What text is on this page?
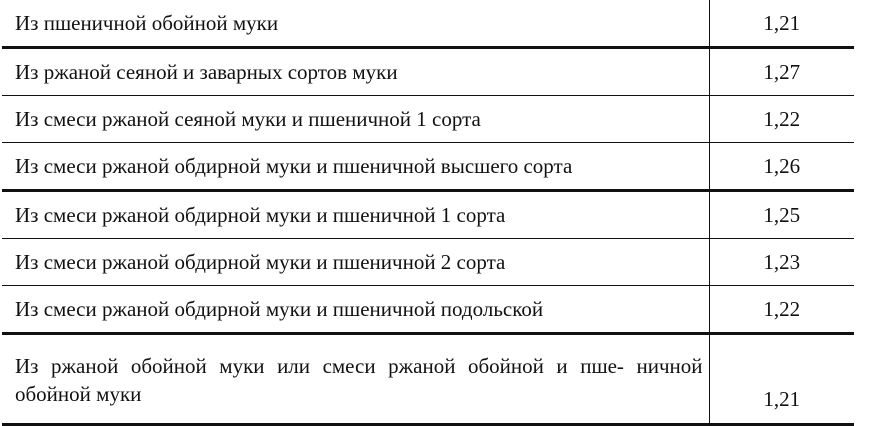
Из пшеничной обойной муки	1,21
Из ржаной сеяной и заварных сортов муки	1,27
Из смеси ржаной сеяной муки и пшеничной 1 сорта	1,22
Из смеси ржаной обдирной муки и пшеничной высшего сорта	1,26
Из смеси ржаной обдирной муки и пшеничной 1 сорта	1,25
Из смеси ржаной обдирной муки и пшеничной 2 сорта	1,23
Из смеси ржаной обдирной муки и пшеничной подольской	1,22
Из ржаной обойной муки или смеси ржаной обойной и пше- ничной обойной муки	1,21
